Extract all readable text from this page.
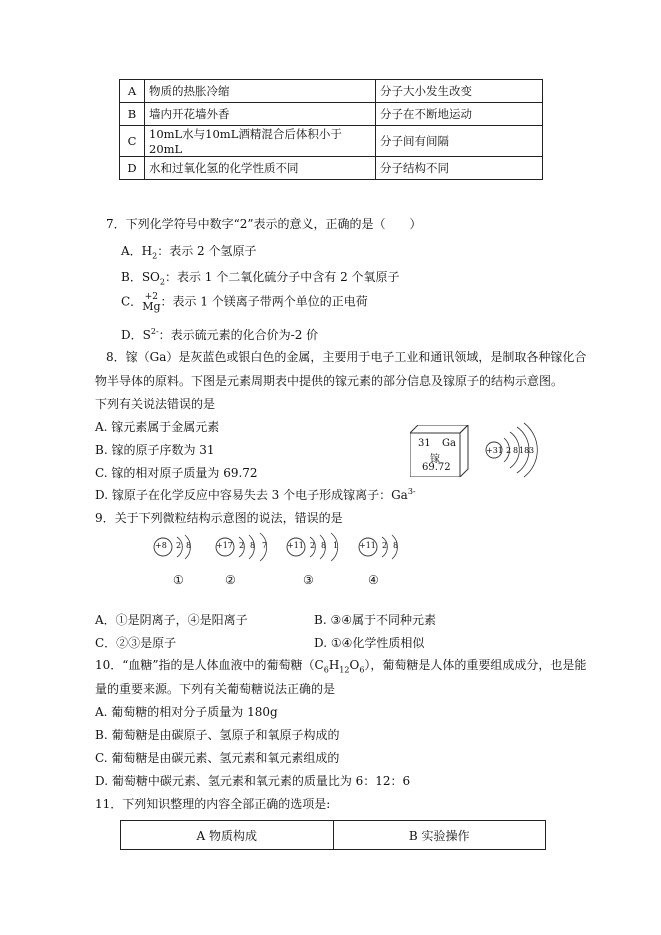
A	物质的热胀冷缩	分子大小发生改变
B	墙内开花墙外香	分子在不断地运动
C	10mL水与10mL酒精混合后体积小于20mL	分子间有间隔
D	水和过氧化氢的化学性质不同	分子结构不同
7．下列化学符号中数字“2”表示的意义，正确的是（　　）
A．$H_2$：表示 2 个氢原子
B．$SO_2$：表示 1 个二氧化硫分子中含有 2 个氧原子
C． +2
Mg ：表示 1 个镁离子带两个单位的正电荷
D．$S^{2-}$：表示硫元素的化合价为-2 价
8．镓（Ga）是灰蓝色或银白色的金属，主要用于电子工业和通讯领域，是制取各种镓化合
物半导体的原料。下图是元素周期表中提供的镓元素的部分信息及镓原子的结构示意图。
下列有关说法错误的是
A. 镓元素属于金属元素
B. 镓的原子序数为 31
C. 镓的相对原子质量为 69.72
D. 镓原子在化学反应中容易失去 3 个电子形成镓离子：$Ga^{3-}$
31 Ga
镓
69.72
+31 2 8 18 3
9．关于下列微粒结构示意图的说法，错误的是
+8 2 8
①
+17 2 8 7
②
+11 2 8 1
③
+11 2 8
④
A．①是阴离子，④是阳离子	B. ③④属于不同种元素
C．②③是原子	D. ①④化学性质相似
10．“血糖”指的是人体血液中的葡萄糖$(C_6H_{12}O_6)$，葡萄糖是人体的重要组成成分，也是能
量的重要来源。下列有关葡萄糖说法正确的是
A. 葡萄糖的相对分子质量为 180g
B. 葡萄糖是由碳原子、氢原子和氧原子构成的
C. 葡萄糖是由碳元素、氢元素和氧元素组成的
D. 葡萄糖中碳元素、氢元素和氧元素的质量比为 6：12：6
11．下列知识整理的内容全部正确的选项是:
A 物质构成	B 实验操作
